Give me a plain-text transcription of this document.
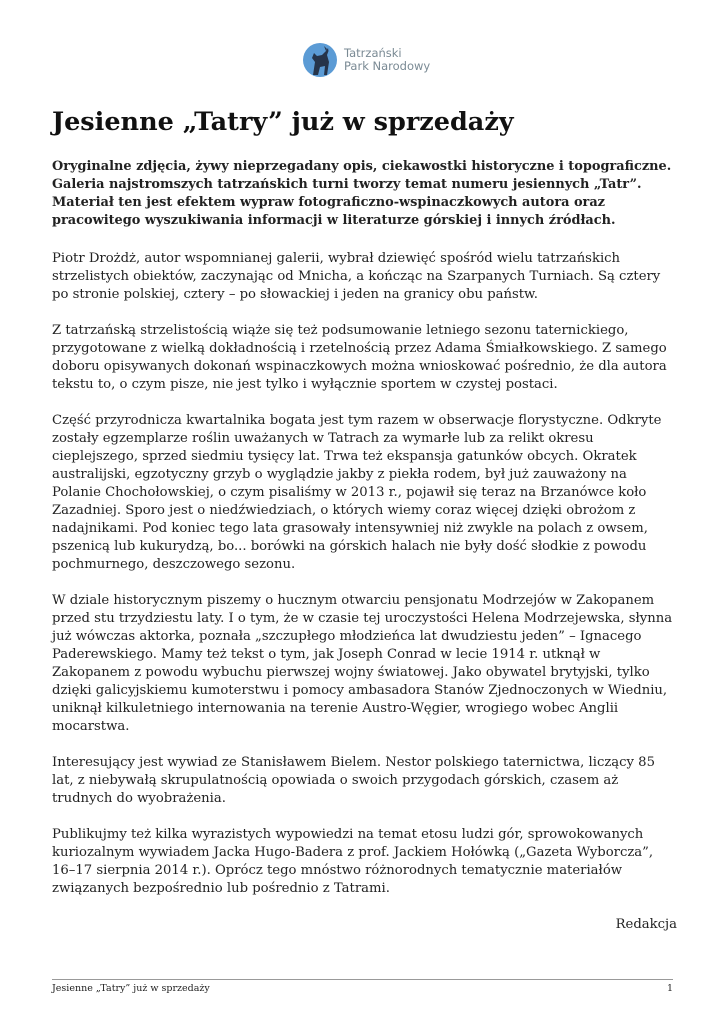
Tatrzański
Park Narodowy
Jesienne „Tatry” już w sprzedaży

Oryginalne zdjęcia, żywy nieprzegadany opis, ciekawostki historyczne i topograficzne. Galeria najstromszych tatrzańskich turni tworzy temat numeru jesiennych „Tatr”. Materiał ten jest efektem wypraw fotograficzno-wspinaczkowych autora oraz pracowitego wyszukiwania informacji w literaturze górskiej i innych źródłach.

Piotr Drożdż, autor wspomnianej galerii, wybrał dziewięć spośród wielu tatrzańskich strzelistych obiektów, zaczynając od Mnicha, a kończąc na Szarpanych Turniach. Są cztery po stronie polskiej, cztery – po słowackiej i jeden na granicy obu państw.

Z tatrzańską strzelistością wiąże się też podsumowanie letniego sezonu taternickiego, przygotowane z wielką dokładnością i rzetelnością przez Adama Śmiałkowskiego. Z samego doboru opisywanych dokonań wspinaczkowych można wnioskować pośrednio, że dla autora tekstu to, o czym pisze, nie jest tylko i wyłącznie sportem w czystej postaci.

Część przyrodnicza kwartalnika bogata jest tym razem w obserwacje florystyczne. Odkryte zostały egzemplarze roślin uważanych w Tatrach za wymarłe lub za relikt okresu cieplejszego, sprzed siedmiu tysięcy lat. Trwa też ekspansja gatunków obcych. Okratek australijski, egzotyczny grzyb o wyglądzie jakby z piekła rodem, był już zauważony na Polanie Chochołowskiej, o czym pisaliśmy w 2013 r., pojawił się teraz na Brzanówce koło Zazadniej. Sporo jest o niedźwiedziach, o których wiemy coraz więcej dzięki obrożom z nadajnikami. Pod koniec tego lata grasowały intensywniej niż zwykle na polach z owsem, pszenicą lub kukurydzą, bo... borówki na górskich halach nie były dość słodkie z powodu pochmurnego, deszczowego sezonu.

W dziale historycznym piszemy o hucznym otwarciu pensjonatu Modrzejów w Zakopanem przed stu trzydziestu laty. I o tym, że w czasie tej uroczystości Helena Modrzejewska, słynna już wówczas aktorka, poznała „szczupłego młodzieńca lat dwudziestu jeden” – Ignacego Paderewskiego. Mamy też tekst o tym, jak Joseph Conrad w lecie 1914 r. utknął w Zakopanem z powodu wybuchu pierwszej wojny światowej. Jako obywatel brytyjski, tylko dzięki galicyjskiemu kumoterstwu i pomocy ambasadora Stanów Zjednoczonych w Wiedniu, uniknął kilkuletniego internowania na terenie Austro-Węgier, wrogiego wobec Anglii mocarstwa.

Interesujący jest wywiad ze Stanisławem Bielem. Nestor polskiego taternictwa, liczący 85 lat, z niebywałą skrupulatnością opowiada o swoich przygodach górskich, czasem aż trudnych do wyobrażenia.

Publikujmy też kilka wyrazistych wypowiedzi na temat etosu ludzi gór, sprowokowanych kuriozalnym wywiadem Jacka Hugo-Badera z prof. Jackiem Hołówką („Gazeta Wyborcza”, 16–17 sierpnia 2014 r.). Oprócz tego mnóstwo różnorodnych tematycznie materiałów związanych bezpośrednio lub pośrednio z Tatrami.

Redakcja

Jesienne „Tatry” już w sprzedaży	1
